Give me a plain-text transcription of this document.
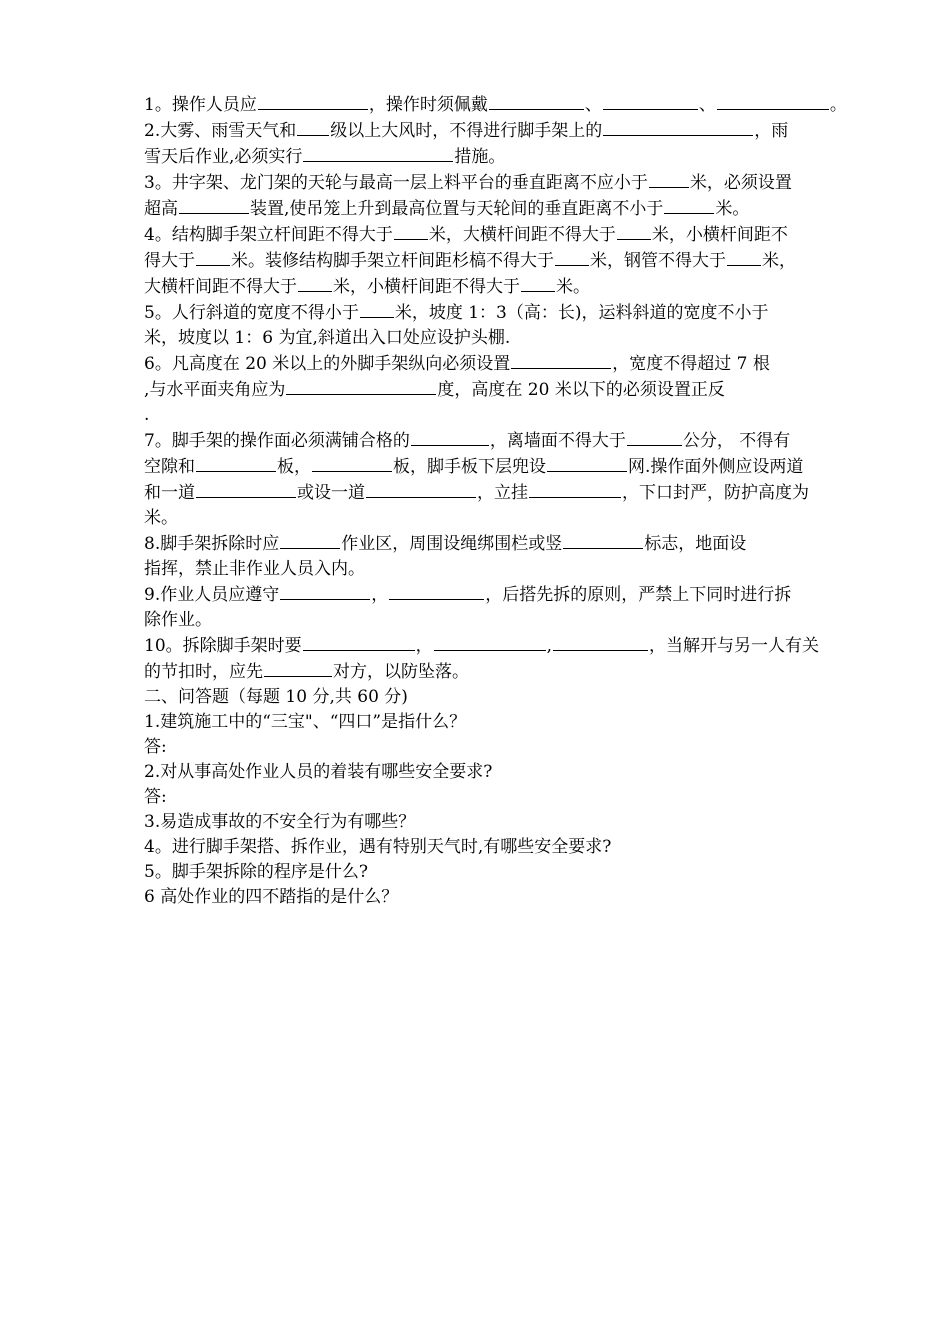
1。操作人员应	，操作时须佩戴	、	、	。
2.大雾、雨雪天气和 级以上大风时，不得进行脚手架上的	，雨
雪天后作业,必须实行	措施。
3。井字架、龙门架的天轮与最高一层上料平台的垂直距离不应小于 米，必须设置
超高	装置,使吊笼上升到最高位置与天轮间的垂直距离不小于	米。
4。结构脚手架立杆间距不得大于 米，大横杆间距不得大于 米，小横杆间距不
得大于 米。装修结构脚手架立杆间距杉槁不得大于 米，钢管不得大于 米，
大横杆间距不得大于 米，小横杆间距不得大于 米。
5。人行斜道的宽度不得小于 米，坡度 1：3（高：长)，运料斜道的宽度不小于
米，坡度以 1：6 为宜,斜道出入口处应设护头棚.
6。凡高度在 20 米以上的外脚手架纵向必须设置	，宽度不得超过 7 根
,与水平面夹角应为	度，高度在 20 米以下的必须设置正反
.
7。脚手架的操作面必须满铺合格的	，离墙面不得大于	公分， 不得有
空隙和	板，	板，脚手板下层兜设	网.操作面外侧应设两道
和一道	或设一道	，立挂	，下口封严，防护高度为
米。
8.脚手架拆除时应	作业区，周围设绳绑围栏或竖	标志，地面设
指挥，禁止非作业人员入内。
9.作业人员应遵守	，	，后搭先拆的原则，严禁上下同时进行拆
除作业。
10。拆除脚手架时要	，	,	，当解开与另一人有关
的节扣时，应先	对方，以防坠落。
二、问答题（每题 10 分,共 60 分)
1.建筑施工中的“三宝"、“四口”是指什么？
答:
2.对从事高处作业人员的着装有哪些安全要求?
答:
3.易造成事故的不安全行为有哪些？
4。进行脚手架搭、拆作业，遇有特别天气时,有哪些安全要求?
5。脚手架拆除的程序是什么?
6 高处作业的四不踏指的是什么？
